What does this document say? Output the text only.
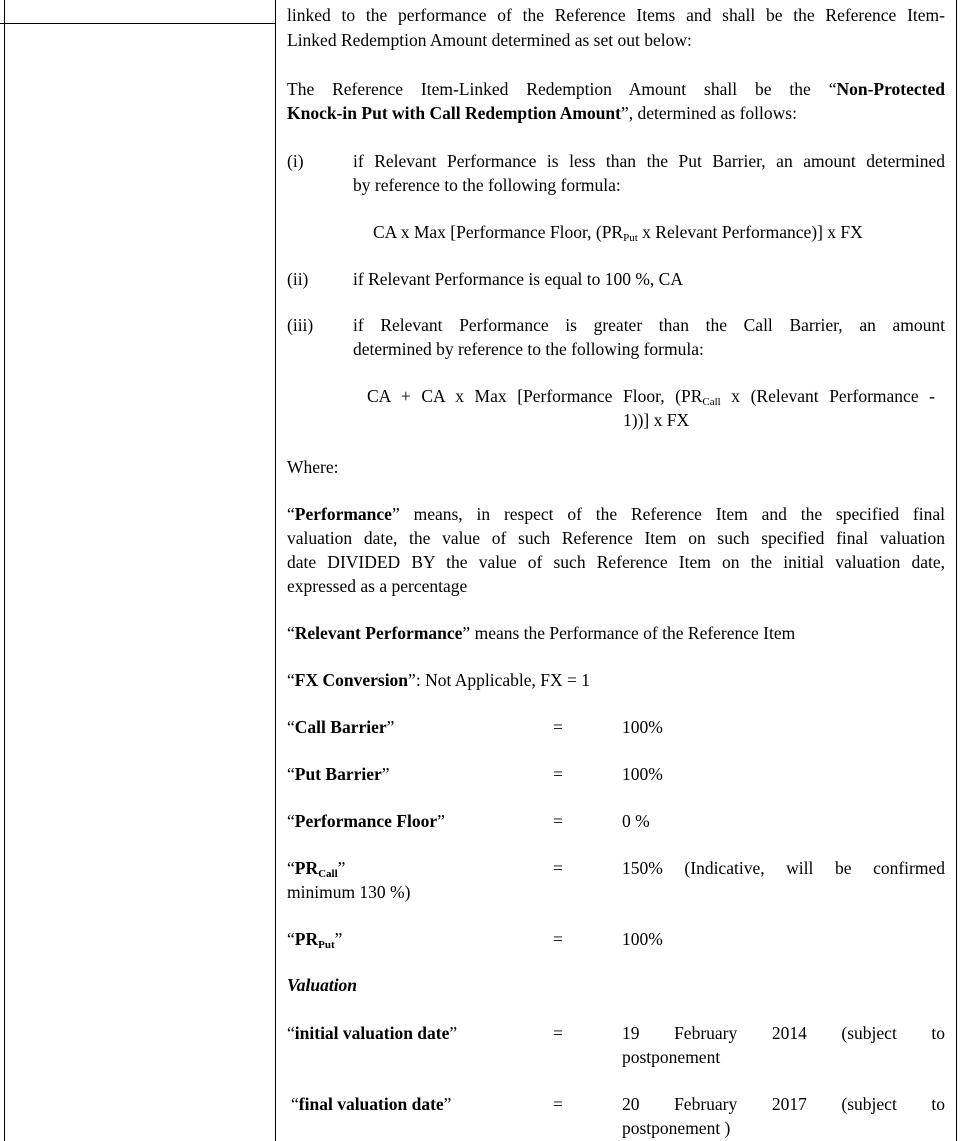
linked to the performance of the Reference Items and shall be the Reference Item-
Linked Redemption Amount determined as set out below:
The Reference Item-Linked Redemption Amount shall be the “Non-Protected
Knock-in Put with Call Redemption Amount”, determined as follows:
(i)	if Relevant Performance is less than the Put Barrier, an amount determined
by reference to the following formula:
CA x Max [Performance Floor, ($PR_{Put}$ x Relevant Performance)] x FX
(ii)	if Relevant Performance is equal to 100 %, CA
(iii) if Relevant Performance is greater than the Call Barrier, an amount
determined by reference to the following formula:
CA + CA x Max [Performance Floor, ($PR_{Call}$ x (Relevant Performance -
1))] x FX
Where:
“Performance” means, in respect of the Reference Item and the specified final
valuation date, the value of such Reference Item on such specified final valuation
date DIVIDED BY the value of such Reference Item on the initial valuation date,
expressed as a percentage
“Relevant Performance” means the Performance of the Reference Item
“FX Conversion”: Not Applicable, FX = 1
“Call Barrier”	=	100%
“Put Barrier”	=	100%
“Performance Floor”	=	0 %
“$PR_{Call}$”	=	150% (Indicative, will be confirmed
minimum 130 %)
“$PR_{Put}$”	=	100%
Valuation
“initial valuation date”	=	19 February 2014 (subject to
postponement
“final valuation date”	=	20 February 2017 (subject to
postponement )
